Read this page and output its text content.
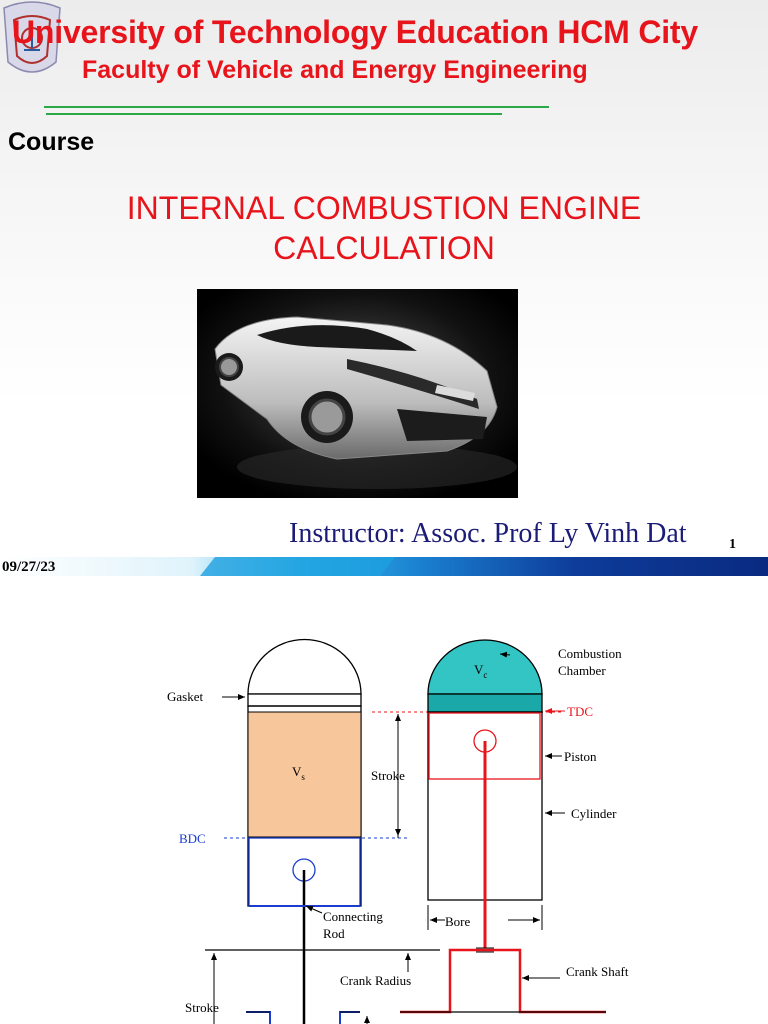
University of Technology Education HCM City
Faculty of Vehicle and Energy Engineering
Course
INTERNAL COMBUSTION ENGINE
CALCULATION
Instructor: Assoc. Prof Ly Vinh Dat	1
09/27/23
Gasket
$V_s$	Stroke
BDC
TDC
$V_c$
Combustion
Chamber
Piston
Cylinder
Connecting
Rod
Bore
Crank Radius
Crank Shaft
Stroke
